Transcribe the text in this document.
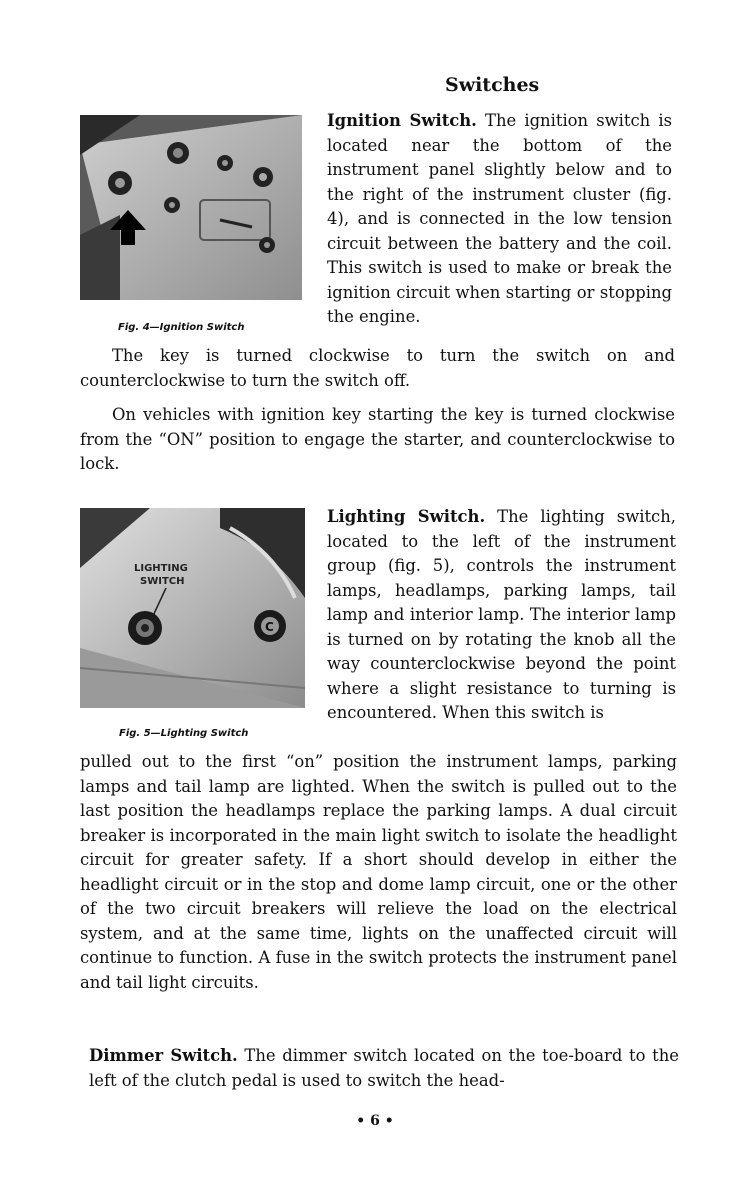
Switches

Fig. 4—Ignition Switch

Ignition Switch. The ignition switch is located near the bottom of the instrument panel slightly below and to the right of the instrument cluster (fig. 4), and is connected in the low tension circuit between the battery and the coil. This switch is used to make or break the ignition circuit when starting or stopping the engine.

The key is turned clockwise to turn the switch on and counterclockwise to turn the switch off.

On vehicles with ignition key starting the key is turned clockwise from the “ON” position to engage the starter, and counterclockwise to lock.

LIGHTING
SWITCH
C

Fig. 5—Lighting Switch

Lighting Switch. The lighting switch, located to the left of the instrument group (fig. 5), controls the instrument lamps, headlamps, parking lamps, tail lamp and interior lamp. The interior lamp is turned on by rotating the knob all the way counterclockwise beyond the point where a slight resistance to turning is encountered. When this switch is

pulled out to the first “on” position the instrument lamps, parking lamps and tail lamp are lighted. When the switch is pulled out to the last position the headlamps replace the parking lamps. A dual circuit breaker is incorporated in the main light switch to isolate the headlight circuit for greater safety. If a short should develop in either the headlight circuit or in the stop and dome lamp circuit, one or the other of the two circuit breakers will relieve the load on the electrical system, and at the same time, lights on the unaffected circuit will continue to function. A fuse in the switch protects the instrument panel and tail light circuits.

Dimmer Switch. The dimmer switch located on the toe-board to the left of the clutch pedal is used to switch the head-

• 6 •
